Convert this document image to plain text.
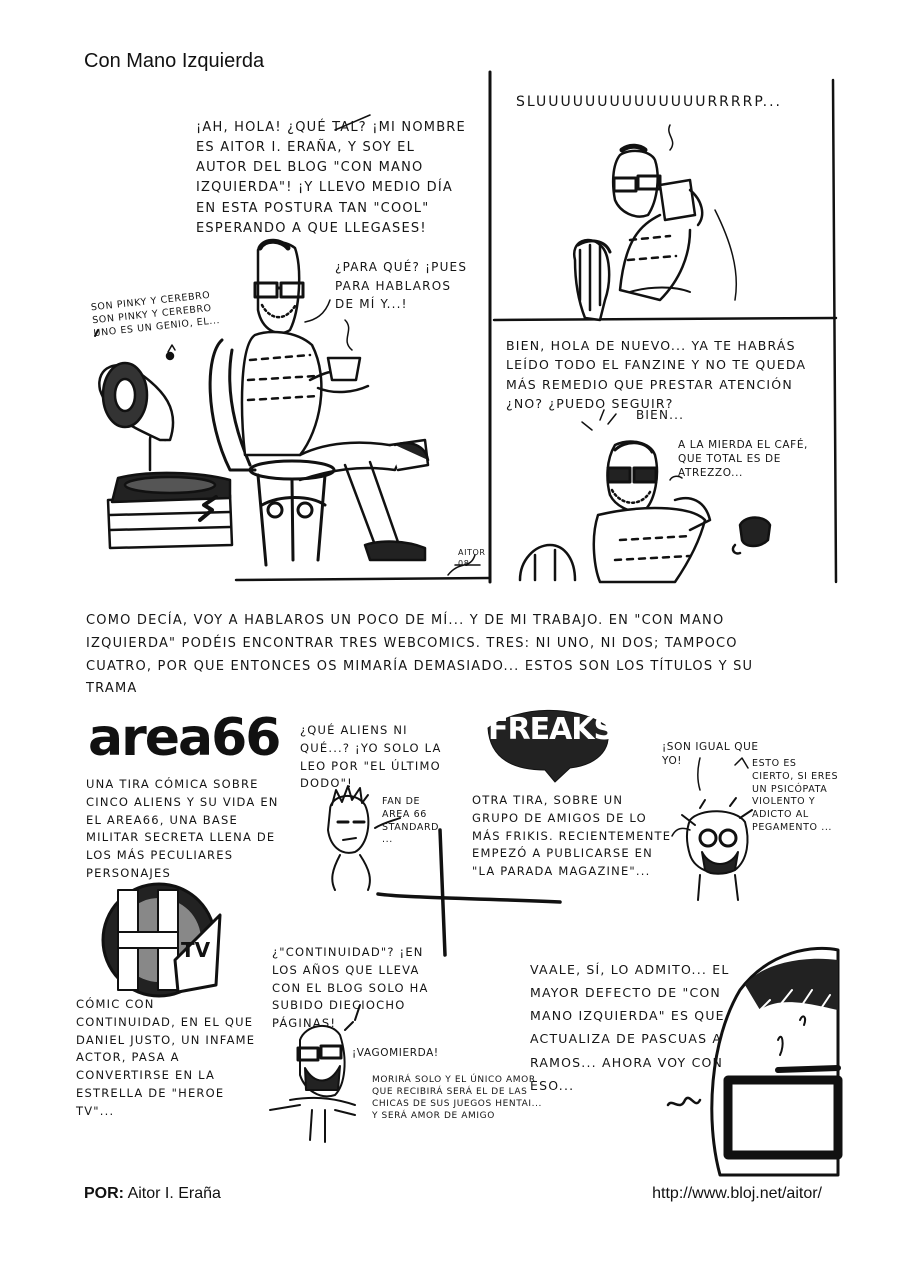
Con Mano Izquierda
¡AH, HOLA! ¿QUÉ TAL? ¡MI NOMBRE ES AITOR I. ERAÑA, Y SOY EL AUTOR DEL BLOG "CON MANO IZQUIERDA"! ¡Y LLEVO MEDIO DÍA EN ESTA POSTURA TAN "COOL" ESPERANDO A QUE LLEGASES!
¿PARA QUÉ? ¡PUES PARA HABLAROS DE MÍ Y...!
SON PINKY Y CEREBRO SON PINKY Y CEREBRO UNO ES UN GENIO, EL...
AITOR 08
SLUUUUUUUUUUUUUURRRRP...
BIEN, HOLA DE NUEVO... YA TE HABRÁS LEÍDO TODO EL FANZINE Y NO TE QUEDA MÁS REMEDIO QUE PRESTAR ATENCIÓN ¿NO? ¿PUEDO SEGUIR?
BIEN...
A LA MIERDA EL CAFÉ, QUE TOTAL ES DE ATREZZO...
COMO DECÍA, VOY A HABLAROS UN POCO DE MÍ... Y DE MI TRABAJO. EN "CON MANO IZQUIERDA" PODÉIS ENCONTRAR TRES WEBCOMICS. TRES: NI UNO, NI DOS; TAMPOCO CUATRO, POR QUE ENTONCES OS MIMARÍA DEMASIADO... ESTOS SON LOS TÍTULOS Y SU TRAMA
area66
UNA TIRA CÓMICA SOBRE CINCO ALIENS Y SU VIDA EN EL AREA66, UNA BASE MILITAR SECRETA LLENA DE LOS MÁS PECULIARES PERSONAJES
¿QUÉ ALIENS NI QUÉ...? ¡YO SOLO LA LEO POR "EL ÚLTIMO DODO"!
FAN DE AREA 66 STANDARD ...
FREAKS
OTRA TIRA, SOBRE UN GRUPO DE AMIGOS DE LO MÁS FRIKIS. RECIENTEMENTE EMPEZÓ A PUBLICARSE EN "LA PARADA MAGAZINE"...
¡SON IGUAL QUE YO!	ESTO ES CIERTO, SI ERES UN PSICÓPATA VIOLENTO Y ADICTO AL PEGAMENTO ...
TV
CÓMIC CON CONTINUIDAD, EN EL QUE DANIEL JUSTO, UN INFAME ACTOR, PASA A CONVERTIRSE EN LA ESTRELLA DE "HEROE TV"...
¿"CONTINUIDAD"? ¡EN LOS AÑOS QUE LLEVA CON EL BLOG SOLO HA SUBIDO DIECIOCHO PÁGINAS!
¡VAGOMIERDA!
MORIRÁ SOLO Y EL ÚNICO AMOR QUE RECIBIRÁ SERÁ EL DE LAS CHICAS DE SUS JUEGOS HENTAI... Y SERÁ AMOR DE AMIGO
VAALE, SÍ, LO ADMITO... EL MAYOR DEFECTO DE "CON MANO IZQUIERDA" ES QUE ACTUALIZA DE PASCUAS A RAMOS... AHORA VOY CON ESO...
POR: Aitor I. Eraña	http://www.bloj.net/aitor/
